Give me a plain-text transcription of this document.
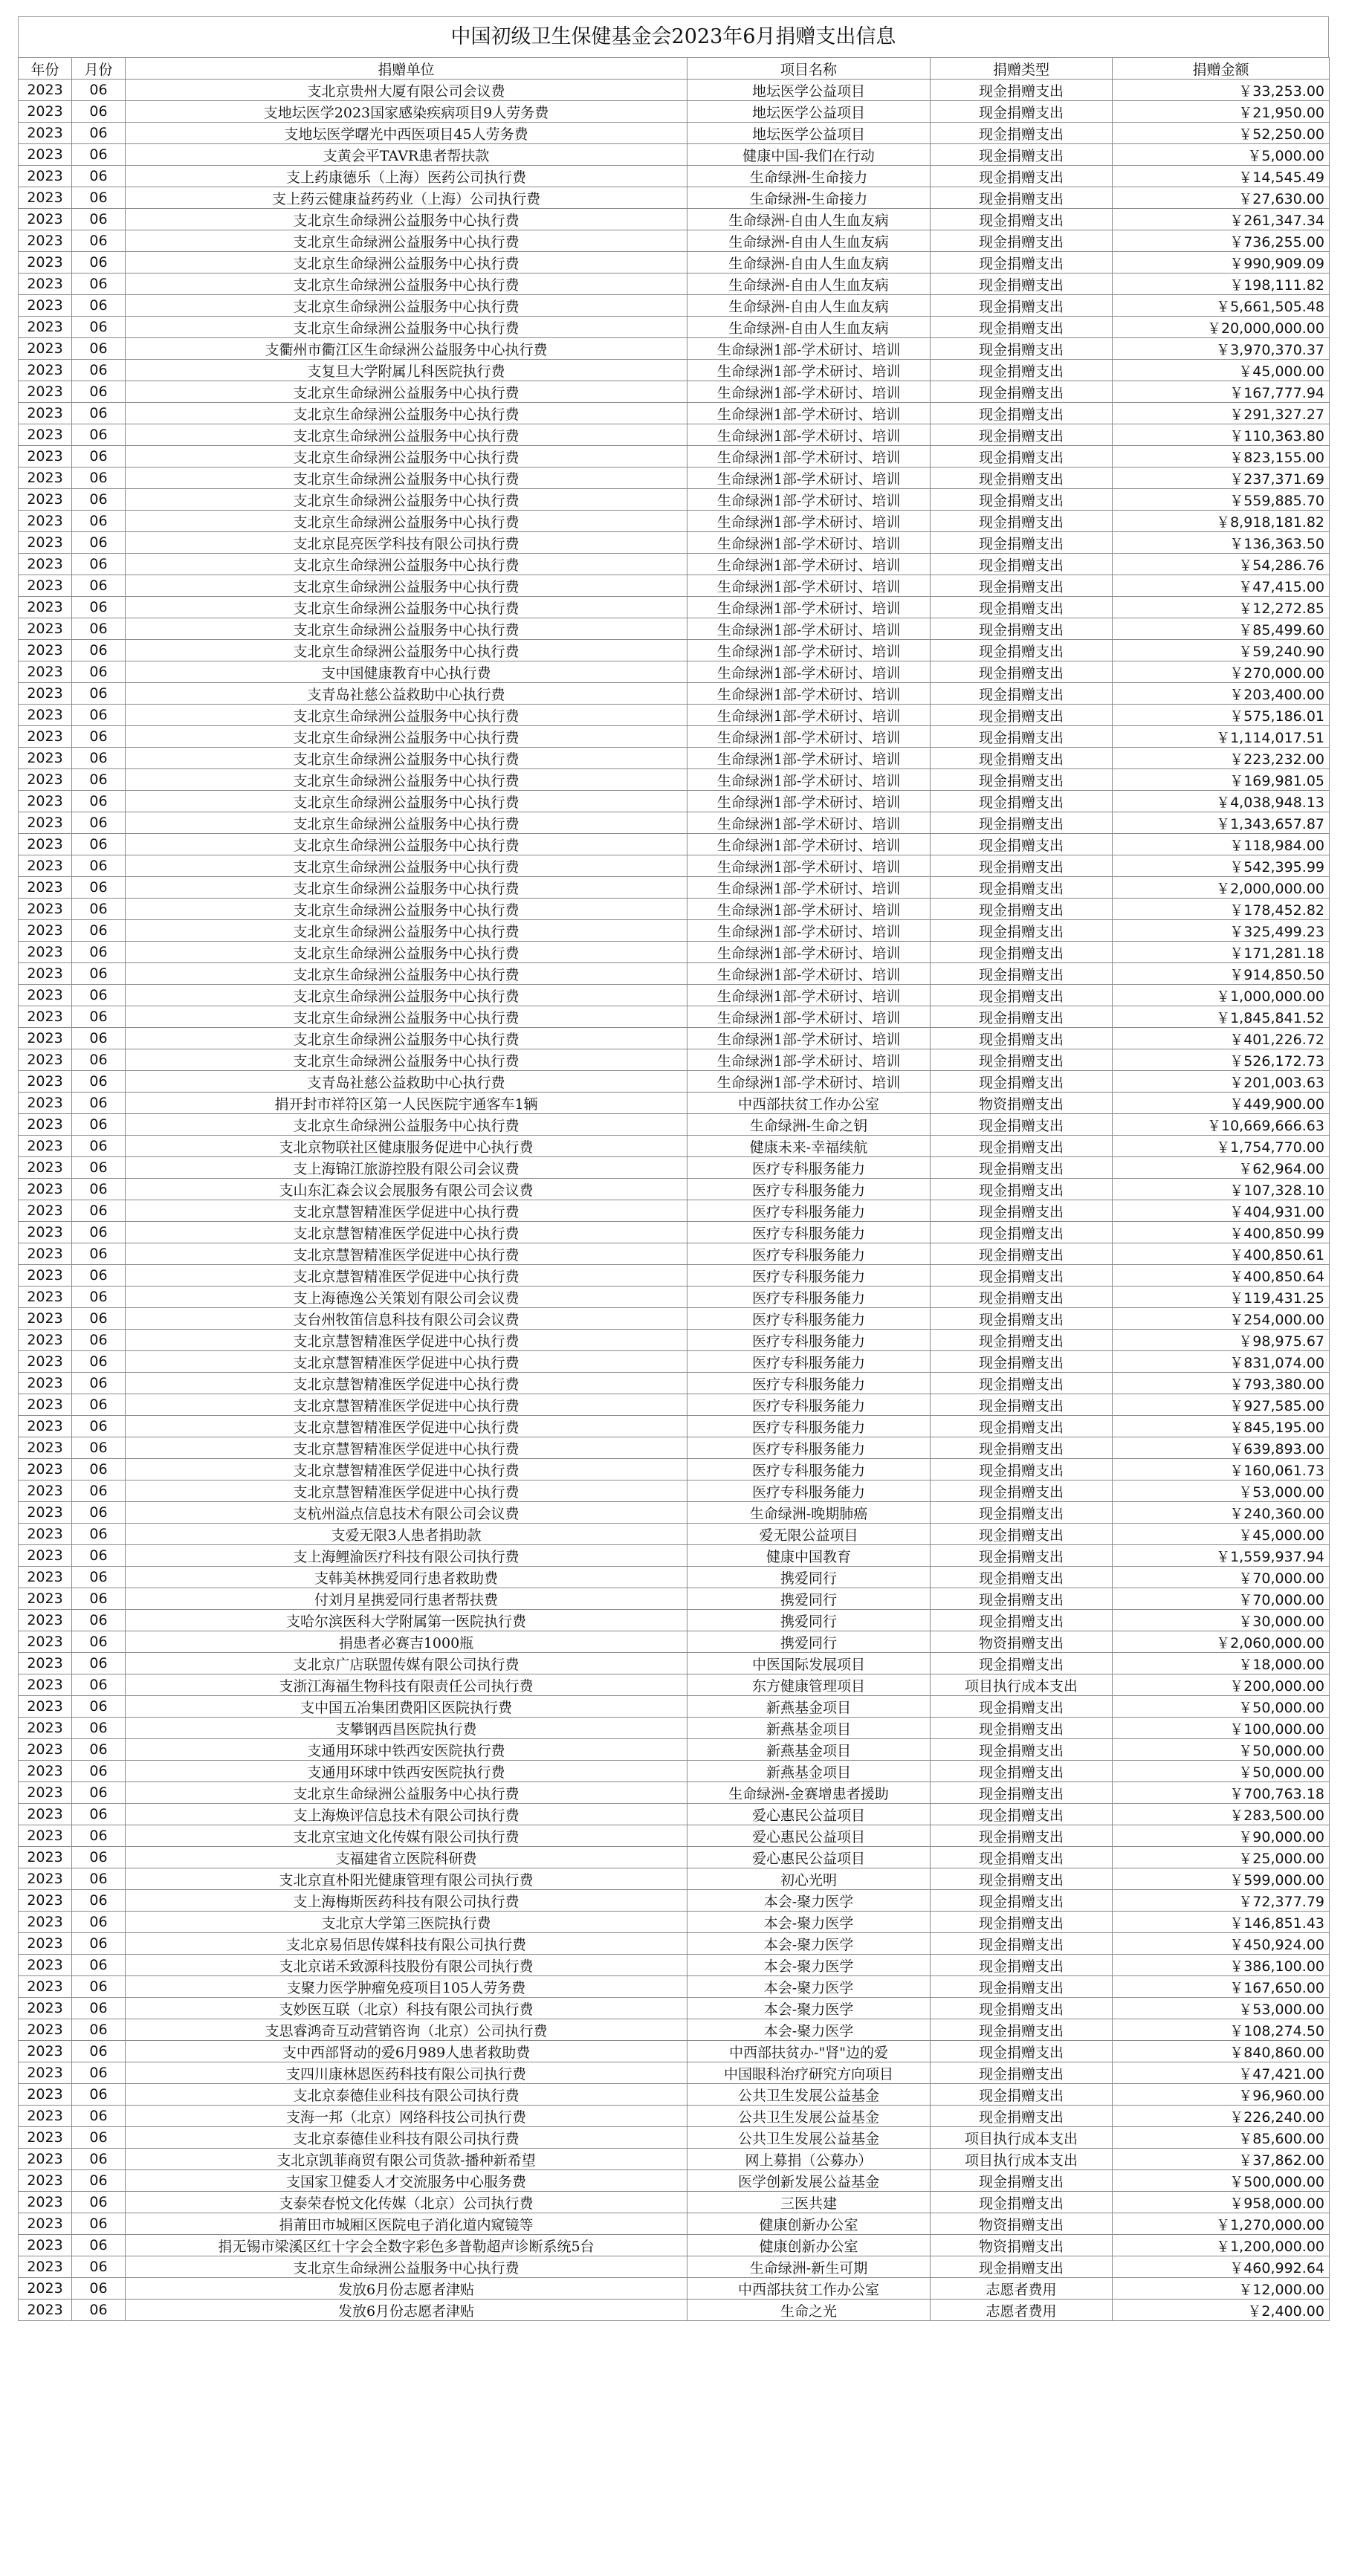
中国初级卫生保健基金会2023年6月捐赠支出信息
年份	月份	捐赠单位	项目名称	捐赠类型	捐赠金额
2023	06	支北京贵州大厦有限公司会议费	地坛医学公益项目	现金捐赠支出	￥33,253.00
2023	06	支地坛医学2023国家感染疾病项目9人劳务费	地坛医学公益项目	现金捐赠支出	￥21,950.00
2023	06	支地坛医学曙光中西医项目45人劳务费	地坛医学公益项目	现金捐赠支出	￥52,250.00
2023	06	支黄会平TAVR患者帮扶款	健康中国-我们在行动	现金捐赠支出	￥5,000.00
2023	06	支上药康德乐（上海）医药公司执行费	生命绿洲-生命接力	现金捐赠支出	￥14,545.49
2023	06	支上药云健康益药药业（上海）公司执行费	生命绿洲-生命接力	现金捐赠支出	￥27,630.00
2023	06	支北京生命绿洲公益服务中心执行费	生命绿洲-自由人生血友病	现金捐赠支出	￥261,347.34
2023	06	支北京生命绿洲公益服务中心执行费	生命绿洲-自由人生血友病	现金捐赠支出	￥736,255.00
2023	06	支北京生命绿洲公益服务中心执行费	生命绿洲-自由人生血友病	现金捐赠支出	￥990,909.09
2023	06	支北京生命绿洲公益服务中心执行费	生命绿洲-自由人生血友病	现金捐赠支出	￥198,111.82
2023	06	支北京生命绿洲公益服务中心执行费	生命绿洲-自由人生血友病	现金捐赠支出	￥5,661,505.48
2023	06	支北京生命绿洲公益服务中心执行费	生命绿洲-自由人生血友病	现金捐赠支出	￥20,000,000.00
2023	06	支衢州市衢江区生命绿洲公益服务中心执行费	生命绿洲1部-学术研讨、培训	现金捐赠支出	￥3,970,370.37
2023	06	支复旦大学附属儿科医院执行费	生命绿洲1部-学术研讨、培训	现金捐赠支出	￥45,000.00
2023	06	支北京生命绿洲公益服务中心执行费	生命绿洲1部-学术研讨、培训	现金捐赠支出	￥167,777.94
2023	06	支北京生命绿洲公益服务中心执行费	生命绿洲1部-学术研讨、培训	现金捐赠支出	￥291,327.27
2023	06	支北京生命绿洲公益服务中心执行费	生命绿洲1部-学术研讨、培训	现金捐赠支出	￥110,363.80
2023	06	支北京生命绿洲公益服务中心执行费	生命绿洲1部-学术研讨、培训	现金捐赠支出	￥823,155.00
2023	06	支北京生命绿洲公益服务中心执行费	生命绿洲1部-学术研讨、培训	现金捐赠支出	￥237,371.69
2023	06	支北京生命绿洲公益服务中心执行费	生命绿洲1部-学术研讨、培训	现金捐赠支出	￥559,885.70
2023	06	支北京生命绿洲公益服务中心执行费	生命绿洲1部-学术研讨、培训	现金捐赠支出	￥8,918,181.82
2023	06	支北京昆亮医学科技有限公司执行费	生命绿洲1部-学术研讨、培训	现金捐赠支出	￥136,363.50
2023	06	支北京生命绿洲公益服务中心执行费	生命绿洲1部-学术研讨、培训	现金捐赠支出	￥54,286.76
2023	06	支北京生命绿洲公益服务中心执行费	生命绿洲1部-学术研讨、培训	现金捐赠支出	￥47,415.00
2023	06	支北京生命绿洲公益服务中心执行费	生命绿洲1部-学术研讨、培训	现金捐赠支出	￥12,272.85
2023	06	支北京生命绿洲公益服务中心执行费	生命绿洲1部-学术研讨、培训	现金捐赠支出	￥85,499.60
2023	06	支北京生命绿洲公益服务中心执行费	生命绿洲1部-学术研讨、培训	现金捐赠支出	￥59,240.90
2023	06	支中国健康教育中心执行费	生命绿洲1部-学术研讨、培训	现金捐赠支出	￥270,000.00
2023	06	支青岛社慈公益救助中心执行费	生命绿洲1部-学术研讨、培训	现金捐赠支出	￥203,400.00
2023	06	支北京生命绿洲公益服务中心执行费	生命绿洲1部-学术研讨、培训	现金捐赠支出	￥575,186.01
2023	06	支北京生命绿洲公益服务中心执行费	生命绿洲1部-学术研讨、培训	现金捐赠支出	￥1,114,017.51
2023	06	支北京生命绿洲公益服务中心执行费	生命绿洲1部-学术研讨、培训	现金捐赠支出	￥223,232.00
2023	06	支北京生命绿洲公益服务中心执行费	生命绿洲1部-学术研讨、培训	现金捐赠支出	￥169,981.05
2023	06	支北京生命绿洲公益服务中心执行费	生命绿洲1部-学术研讨、培训	现金捐赠支出	￥4,038,948.13
2023	06	支北京生命绿洲公益服务中心执行费	生命绿洲1部-学术研讨、培训	现金捐赠支出	￥1,343,657.87
2023	06	支北京生命绿洲公益服务中心执行费	生命绿洲1部-学术研讨、培训	现金捐赠支出	￥118,984.00
2023	06	支北京生命绿洲公益服务中心执行费	生命绿洲1部-学术研讨、培训	现金捐赠支出	￥542,395.99
2023	06	支北京生命绿洲公益服务中心执行费	生命绿洲1部-学术研讨、培训	现金捐赠支出	￥2,000,000.00
2023	06	支北京生命绿洲公益服务中心执行费	生命绿洲1部-学术研讨、培训	现金捐赠支出	￥178,452.82
2023	06	支北京生命绿洲公益服务中心执行费	生命绿洲1部-学术研讨、培训	现金捐赠支出	￥325,499.23
2023	06	支北京生命绿洲公益服务中心执行费	生命绿洲1部-学术研讨、培训	现金捐赠支出	￥171,281.18
2023	06	支北京生命绿洲公益服务中心执行费	生命绿洲1部-学术研讨、培训	现金捐赠支出	￥914,850.50
2023	06	支北京生命绿洲公益服务中心执行费	生命绿洲1部-学术研讨、培训	现金捐赠支出	￥1,000,000.00
2023	06	支北京生命绿洲公益服务中心执行费	生命绿洲1部-学术研讨、培训	现金捐赠支出	￥1,845,841.52
2023	06	支北京生命绿洲公益服务中心执行费	生命绿洲1部-学术研讨、培训	现金捐赠支出	￥401,226.72
2023	06	支北京生命绿洲公益服务中心执行费	生命绿洲1部-学术研讨、培训	现金捐赠支出	￥526,172.73
2023	06	支青岛社慈公益救助中心执行费	生命绿洲1部-学术研讨、培训	现金捐赠支出	￥201,003.63
2023	06	捐开封市祥符区第一人民医院宇通客车1辆	中西部扶贫工作办公室	物资捐赠支出	￥449,900.00
2023	06	支北京生命绿洲公益服务中心执行费	生命绿洲-生命之钥	现金捐赠支出	￥10,669,666.63
2023	06	支北京物联社区健康服务促进中心执行费	健康未来-幸福续航	现金捐赠支出	￥1,754,770.00
2023	06	支上海锦江旅游控股有限公司会议费	医疗专科服务能力	现金捐赠支出	￥62,964.00
2023	06	支山东汇森会议会展服务有限公司会议费	医疗专科服务能力	现金捐赠支出	￥107,328.10
2023	06	支北京慧智精准医学促进中心执行费	医疗专科服务能力	现金捐赠支出	￥404,931.00
2023	06	支北京慧智精准医学促进中心执行费	医疗专科服务能力	现金捐赠支出	￥400,850.99
2023	06	支北京慧智精准医学促进中心执行费	医疗专科服务能力	现金捐赠支出	￥400,850.61
2023	06	支北京慧智精准医学促进中心执行费	医疗专科服务能力	现金捐赠支出	￥400,850.64
2023	06	支上海德逸公关策划有限公司会议费	医疗专科服务能力	现金捐赠支出	￥119,431.25
2023	06	支台州牧笛信息科技有限公司会议费	医疗专科服务能力	现金捐赠支出	￥254,000.00
2023	06	支北京慧智精准医学促进中心执行费	医疗专科服务能力	现金捐赠支出	￥98,975.67
2023	06	支北京慧智精准医学促进中心执行费	医疗专科服务能力	现金捐赠支出	￥831,074.00
2023	06	支北京慧智精准医学促进中心执行费	医疗专科服务能力	现金捐赠支出	￥793,380.00
2023	06	支北京慧智精准医学促进中心执行费	医疗专科服务能力	现金捐赠支出	￥927,585.00
2023	06	支北京慧智精准医学促进中心执行费	医疗专科服务能力	现金捐赠支出	￥845,195.00
2023	06	支北京慧智精准医学促进中心执行费	医疗专科服务能力	现金捐赠支出	￥639,893.00
2023	06	支北京慧智精准医学促进中心执行费	医疗专科服务能力	现金捐赠支出	￥160,061.73
2023	06	支北京慧智精准医学促进中心执行费	医疗专科服务能力	现金捐赠支出	￥53,000.00
2023	06	支杭州溢点信息技术有限公司会议费	生命绿洲-晚期肺癌	现金捐赠支出	￥240,360.00
2023	06	支爱无限3人患者捐助款	爱无限公益项目	现金捐赠支出	￥45,000.00
2023	06	支上海鲤渝医疗科技有限公司执行费	健康中国教育	现金捐赠支出	￥1,559,937.94
2023	06	支韩美林携爱同行患者救助费	携爱同行	现金捐赠支出	￥70,000.00
2023	06	付刘月星携爱同行患者帮扶费	携爱同行	现金捐赠支出	￥70,000.00
2023	06	支哈尔滨医科大学附属第一医院执行费	携爱同行	现金捐赠支出	￥30,000.00
2023	06	捐患者必赛吉1000瓶	携爱同行	物资捐赠支出	￥2,060,000.00
2023	06	支北京广店联盟传媒有限公司执行费	中医国际发展项目	现金捐赠支出	￥18,000.00
2023	06	支浙江海福生物科技有限责任公司执行费	东方健康管理项目	项目执行成本支出	￥200,000.00
2023	06	支中国五冶集团费阳区医院执行费	新燕基金项目	现金捐赠支出	￥50,000.00
2023	06	支攀钢西昌医院执行费	新燕基金项目	现金捐赠支出	￥100,000.00
2023	06	支通用环球中铁西安医院执行费	新燕基金项目	现金捐赠支出	￥50,000.00
2023	06	支通用环球中铁西安医院执行费	新燕基金项目	现金捐赠支出	￥50,000.00
2023	06	支北京生命绿洲公益服务中心执行费	生命绿洲-金赛增患者援助	现金捐赠支出	￥700,763.18
2023	06	支上海焕评信息技术有限公司执行费	爱心惠民公益项目	现金捐赠支出	￥283,500.00
2023	06	支北京宝迪文化传媒有限公司执行费	爱心惠民公益项目	现金捐赠支出	￥90,000.00
2023	06	支福建省立医院科研费	爱心惠民公益项目	现金捐赠支出	￥25,000.00
2023	06	支北京直朴阳光健康管理有限公司执行费	初心光明	现金捐赠支出	￥599,000.00
2023	06	支上海梅斯医药科技有限公司执行费	本会-聚力医学	现金捐赠支出	￥72,377.79
2023	06	支北京大学第三医院执行费	本会-聚力医学	现金捐赠支出	￥146,851.43
2023	06	支北京易佰思传媒科技有限公司执行费	本会-聚力医学	现金捐赠支出	￥450,924.00
2023	06	支北京诺禾致源科技股份有限公司执行费	本会-聚力医学	现金捐赠支出	￥386,100.00
2023	06	支聚力医学肿瘤免疫项目105人劳务费	本会-聚力医学	现金捐赠支出	￥167,650.00
2023	06	支妙医互联（北京）科技有限公司执行费	本会-聚力医学	现金捐赠支出	￥53,000.00
2023	06	支思睿鸿奇互动营销咨询（北京）公司执行费	本会-聚力医学	现金捐赠支出	￥108,274.50
2023	06	支中西部肾动的爱6月989人患者救助费	中西部扶贫办-"肾"边的爱	现金捐赠支出	￥840,860.00
2023	06	支四川康林恩医药科技有限公司执行费	中国眼科治疗研究方向项目	现金捐赠支出	￥47,421.00
2023	06	支北京泰德佳业科技有限公司执行费	公共卫生发展公益基金	现金捐赠支出	￥96,960.00
2023	06	支海一邦（北京）网络科技公司执行费	公共卫生发展公益基金	现金捐赠支出	￥226,240.00
2023	06	支北京泰德佳业科技有限公司执行费	公共卫生发展公益基金	项目执行成本支出	￥85,600.00
2023	06	支北京凯菲商贸有限公司货款-播种新希望	网上募捐（公募办）	项目执行成本支出	￥37,862.00
2023	06	支国家卫健委人才交流服务中心服务费	医学创新发展公益基金	现金捐赠支出	￥500,000.00
2023	06	支泰荣春悦文化传媒（北京）公司执行费	三医共建	现金捐赠支出	￥958,000.00
2023	06	捐莆田市城厢区医院电子消化道内窥镜等	健康创新办公室	物资捐赠支出	￥1,270,000.00
2023	06	捐无锡市梁溪区红十字会全数字彩色多普勒超声诊断系统5台	健康创新办公室	物资捐赠支出	￥1,200,000.00
2023	06	支北京生命绿洲公益服务中心执行费	生命绿洲-新生可期	现金捐赠支出	￥460,992.64
2023	06	发放6月份志愿者津贴	中西部扶贫工作办公室	志愿者费用	￥12,000.00
2023	06	发放6月份志愿者津贴	生命之光	志愿者费用	￥2,400.00
